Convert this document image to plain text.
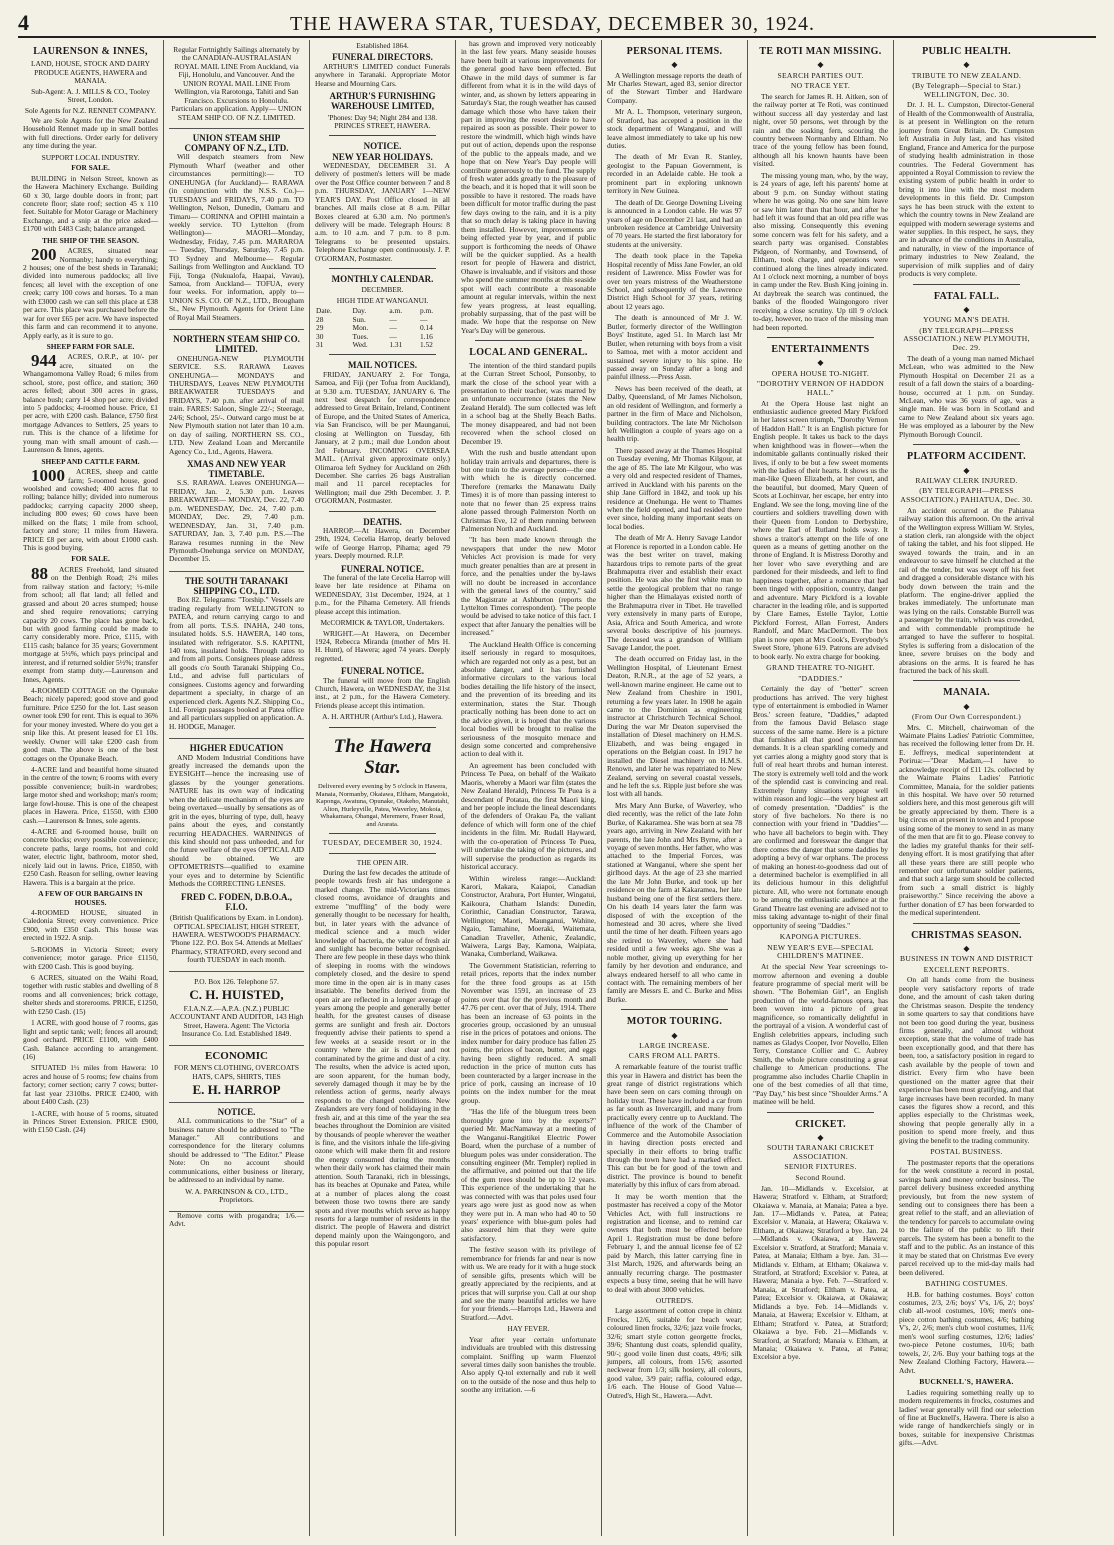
4	THE HAWERA STAR, TUESDAY, DECEMBER 30, 1924.
LAURENSON & INNES,
LAND, HOUSE, STOCK AND DAIRY PRODUCE AGENTS, HAWERA and MANAIA.
Sub-Agent: A. J. MILLS & CO., Tooley Street, London.
Sole Agents for N.Z. RENNET COMPANY.
We are Sole Agents for the New Zealand Household Rennet made up in small bottles with full directions. Order early for delivery any time during the year.
SUPPORT LOCAL INDUSTRY.
FOR SALE.
BUILDING in Nelson Street, known as the Hawera Machinery Exchange. Building 60 x 30, large double doors in front; part concrete floor; slate roof; section 45 x 110 feet. Suitable for Motor Garage or Machinery Exchange, and a snip at the price asked—£1700 with £483 Cash; balance arranged.
THE SHIP OF THE SEASON.
200 ACRES, situated near Normanby; handy to everything; 2 houses; one of the best sheds in Taranaki; divided into numerous paddocks; all live fences; all level with the exception of one creek; carry 100 cows and horses. To a man with £3000 cash we can sell this place at £38 per acre. This place was purchased before the war for over £65 per acre. We have inspected this farm and can recommend it to anyone. Apply early, as it is sure to go.
SHEEP FARM FOR SALE.
944 ACRES, O.R.P., at 10/- per acre, situated on the Whangamomona Valley Road; 6 miles from school, store, post office, and station; 360 acres felled; about 300 acres in grass, balance bush; carry 14 shop per acre; divided into 5 paddocks; 4-roomed house. Price, £1 per acre, with £200 cash. Balance, £750 first mortgage Advances to Settlers, 25 years to run. This is the chance of a lifetime for young man with small amount of cash.—Laurenson & Innes, agents.
SHEEP AND CATTLE FARM.
1000 ACRES, sheep and cattle farm; 5-roomed house, good woolshed and cowshed; 400 acres flat to rolling; balance hilly; divided into numerous paddocks; carrying capacity 2000 sheep, including 800 ewes; 60 cows have been milked on the flats; 1 mile from school, factory and store; 11 miles from Hawera. PRICE £8 per acre, with about £1000 cash. This is good buying.
FOR SALE.
88 ACRES Freehold, land situated on the Denbigh Road; 2¼ miles from railway station and factory; ½-mile from school; all flat land; all felled and grassed and about 20 acres stumped; house and shed require renovations; carrying capacity 20 cows. The place has gone back, but with good farming could be made to carry considerably more. Price, £115, with £115 cash; balance for 35 years; Government mortgage at 5½%, which pays principal and interest, and if returned soldier 5½%; transfer exempt from stamp duty.—Laurenson and Innes, Agents.
4-ROOMED COTTAGE on the Opunake Beach; nicely papered; good stove and good furniture. Price £250 for the lot. Last season owner took £90 for rent. This is equal to 36% for your money invested. Where do you get a snip like this. At present leased for £1 10s. weekly. Owner will take £200 cash from good man. The above is one of the best cottages on the Opunake Beach.
4-ACRE land and beautiful home situated in the centre of the town; 6 rooms with every possible convenience; built-in wardrobes; large motor shed and workshop; man's room; large fowl-house. This is one of the cheapest places in Hawera. Price, £1550, with £300 cash.—Laurenson & Innes, sole agents.
4-ACRE and 6-roomed house, built on concrete blocks; every possible convenience; concrete paths, large rooms, hot and cold water, electric light, bathroom, motor shed, nicely laid out in lawns. Price, £1850, with £250 Cash. Reason for selling, owner leaving Hawera. This is a bargain at the price.
A FEW OF OUR BARGAINS IN HOUSES.
4-ROOMED HOUSE, situated in Caledonia Street; every convenience. Price £900, with £350 Cash. This house was erected in 1922. A snip.
5-ROOMS in Victoria Street; every convenience; motor garage. Price £1150, with £200 Cash. This is good buying.
6 ACRES, situated on the Waihi Road, together with rustic stables and dwelling of 8 rooms and all conveniences; brick cottage, shelter sheds and storerooms. PRICE, £1250, with £250 Cash. (15)
1 ACRE, with good house of 7 rooms, gas light and septic tank; well; fences all around; good orchard. PRICE £1100, with £400 Cash. Balance according to arrangement. (16)
SITUATED 1½ miles from Hawera: 10 acres and house of 5 rooms; few chains from factory; corner section; carry 7 cows; butter-fat last year 2310lbs. PRICE £2400, with about £400 Cash. (23)
1-ACRE, with house of 5 rooms, situated in Princes Street Extension. PRICE £900, with £150 Cash. (24)
Regular Fortnightly Sailings alternately by the CANADIAN-AUSTRALASIAN ROYAL MAIL LINE From Auckland, via Fiji, Honolulu, and Vancouver. And the UNION ROYAL MAIL LINE From Wellington, via Rarotonga, Tahiti and San Francisco. Excursions to Honolulu. Particulars on application. Apply— UNION STEAM SHIP CO. OF N.Z. LIMITED.
UNION STEAM SHIP COMPANY OF N.Z., LTD.
Will despatch steamers from New Plymouth Wharf (weather and other circumstances permitting):— TO ONEHUNGA (for Auckland)— RARAWA (in conjunction with the N.S.S. Co.)— TUESDAYS and FRIDAYS, 7.40 p.m. TO Wellington, Nelson, Dunedin, Oamaru and Timaru— CORINNA and OPIHI maintain a weekly service. TO Lyttelton (from Wellington)— MAORI—Monday, Wednesday, Friday, 7.45 p.m. MARAROA — Tuesday, Thursday, Saturday, 7.45 p.m. TO Sydney and Melbourne— Regular Sailings from Wellington and Auckland. TO Fiji, Tonga (Nukualofa, Haapai, Vavau), Samoa, from Auckland— TOFUA, every four weeks. For information, apply to— UNION S.S. CO. OF N.Z., LTD., Brougham St., New Plymouth. Agents for Orient Line of Royal Mail Steamers.
NORTHERN STEAM SHIP CO. LIMITED.
ONEHUNGA-NEW PLYMOUTH SERVICE. S.S. RARAWA Leaves ONEHUNGA— MONDAYS and THURSDAYS, Leaves NEW PLYMOUTH BREAKWATER TUESDAYS and FRIDAYS, 7.40 p.m. after arrival of mail train. FARES: Saloon, Single 22/-; Steerage, 24/6; School, 25/-. Outward cargo must be at New Plymouth station not later than 10 a.m. on day of sailing. NORTHERN SS. CO., LTD. New Zealand Loan and Mercantile Agency Co., Ltd., Agents, Hawera.
XMAS AND NEW YEAR TIMETABLE.
S.S. RARAWA. Leaves ONEHUNGA— FRIDAY, Jan. 2, 5.30 p.m. Leaves BREAKWATER— MONDAY, Dec. 22, 7.40 p.m. WEDNESDAY, Dec. 24, 7.40 p.m. MONDAY, Dec. 29, 7.40 p.m. WEDNESDAY, Jan. 31, 7.40 p.m. SATURDAY, Jan. 3, 7.40 p.m. P.S.—The Rarawa resumes running in the New Plymouth-Onehunga service on MONDAY, December 15.
THE SOUTH TARANAKI SHIPPING CO., LTD.
Box 82. Telegrams: "Torship." Vessels are trading regularly from WELLINGTON to PATEA, and return carrying cargo to and from all ports. T.S.S. INAHA, 240 tons, insulated holds. S.S. HAWERA, 140 tons, insulated with refrigerator. S.S. KAPITNI, 140 tons, insulated holds. Through rates to and from all ports. Consignees please address all goods c/o South Taranaki Shipping Co., Ltd., and advise full particulars of consignees. Customs agency and forwarding department a specialty, in charge of an experienced clerk. Agents N.Z. Shipping Co., Ltd. Foreign passages booked at Patea office and all particulars supplied on application. A. H. HODGE, Manager.
HIGHER EDUCATION
AND Modern Industrial Conditions have greatly increased the demands upon the EYESIGHT—hence the increasing use of glasses by the younger generations. NATURE has its own way of indicating when the delicate mechanism of the eyes are being overtaxed—usually by sensations as of grit in the eyes, blurring of type, dull, heavy pains about the eyes, and constantly recurring HEADACHES. WARNINGS of this kind should not pass unheeded, and for the future welfare of the eyes OPTICAL AID should be obtained. We are OPTOMETRISTS—qualified to examine your eyes and to determine by Scientific Methods the CORRECTING LENSES.
FRED C. FODEN, D.B.O.A., F.I.O.
(British Qualifications by Exam. in London). OPTICAL SPECIALIST, HIGH STREET, HAWERA. WESTWOOD'S PHARMACY. 'Phone 122. P.O. Box 54. Attends at Mellaes' Pharmacy, STRATFORD, every second and fourth TUESDAY in each month.
P.O. Box 126. Telephone 57.
C. H. HUISTED,
F.I.A.N.Z.—A.P.A. (N.Z.) PUBLIC ACCOUNTANT AND AUDITOR, 143 High Street, Hawera. Agent: The Victoria Insurance Co. Ltd. Established 1849.
ECONOMIC
FOR MEN'S CLOTHING, OVERCOATS HATS, CAPS, SHIRTS, TIES
E. H. HARROP
NOTICE.
ALL communications to the "Star" of a business nature should be addressed to "The Manager." All contributions and correspondence for the literary columns should be addressed to "The Editor." Please Note: On no account should communications, either business or literary, be addressed to an individual by name.
W. A. PARKINSON & CO., LTD., Proprietors.
Remove corns with progandra; 1/6.—Advt.
Established 1864.
FUNERAL DIRECTORS.
ARTHUR'S LIMITED conduct Funerals anywhere in Taranaki. Appropriate Motor Hearse and Mourning Cars.
ARTHUR'S FURNISHING WAREHOUSE LIMITED,
'Phones: Day 94; Night 284 and 138. PRINCES STREET, HAWERA.
NOTICE.
NEW YEAR HOLIDAYS.
WEDNESDAY, DECEMBER 31. A delivery of postmen's letters will be made over the Post Office counter between 7 and 8 p.m. THURSDAY, JANUARY 1—NEW YEAR'S DAY. Post Office closed in all branches. All mails close at 8 a.m. Pillar Boxes cleared at 6.30 a.m. No portmen's delivery will be made. Telegraph Hours: 8 a.m. to 10 a.m. and 7 p.m. to 8 p.m. Telegrams to be presented upstairs. Telephone Exchange open continuously. J. P. O'GORMAN, Postmaster.
MONTHLY CALENDAR.
DECEMBER.
HIGH TIDE AT WANGANUI.
Date.	Day.	a.m.	p.m.
28	Sun.	—	—
29	Mon.	—	0.14
30	Tues.	—	1.16
31	Wed.	1.31	1.52
MAIL NOTICES.
FRIDAY, JANUARY 2. For Tonga, Samoa, and Fiji (per Tofua from Auckland), at 9.30 a.m. TUESDAY, JANUARY 6. The next best despatch for correspondence addressed to Great Britain, Ireland, Continent of Europe, and the United States of America, via San Francisco, will be per Maunganui, closing at Wellington on Tuesday, 6th January, at 2 p.m.; mail due London about 3rd February. INCOMING OVERSEA MAIL. (Arrival given approximate only.) Olimaroa left Sydney for Auckland on 26th December. She carries 26 bags Australian mail and 11 parcel receptacles for Wellington; mail due 29th December. J. P. O'GORMAN, Postmaster.
DEATHS.
HARROP.—At Hawera, on December 29th, 1924, Cecelia Harrop, dearly beloved wife of George Harrop, Pihama; aged 79 years. Deeply mourned. R.I.P.
FUNERAL NOTICE.
The funeral of the late Cecelia Harrop will leave her late residence at Pihama on WEDNESDAY, 31st December, 1924, at 1 p.m., for the Pihama Cemetery. All friends please accept this intimation.
McCORMICK & TAYLOR, Undertakers.
WRIGHT.—At Hawera, on December 1924, Rebecca Miranda (mother of Mrs H. H. Hunt), of Hawera; aged 74 years. Deeply regretted.
FUNERAL NOTICE.
The funeral will move from the English Church, Hawera, on WEDNESDAY, the 31st inst., at 2 p.m., for the Hawera Cemetery. Friends please accept this intimation.
A. H. ARTHUR (Arthur's Ltd.), Hawera.
The Hawera Star.
Delivered every evening by 5 o'clock in Hawera, Manaia, Normanby, Okaiawa, Eltham, Mangatoki, Kaponga, Awatuna, Opunake, Otakeho, Manutahi, Alton, Hurleyville, Patea, Waverley, Mokoia, Whakamara, Ohangai, Meremere, Fraser Road, and Ararata.
TUESDAY, DECEMBER 30, 1924.
THE OPEN AIR.
During the last few decades the attitude of people towards fresh air has undergone a marked change. The mid-Victorians times closed rooms, avoidance of draughts and extreme "muffling" of the body were generally thought to be necessary for health, but, in later years with the advance of medical science and a much wider knowledge of bacteria, the value of fresh air and sunlight has become better recognised. There are few people in these days who think of sleeping in rooms with the windows completely closed, and the desire to spend more time in the open air is in many cases insatiable. The benefits derived from the open air are reflected in a longer average of years among the people and generally better health, for the greatest causes of disease germs are sunlight and fresh air. Doctors frequently advise their patients to spend a few weeks at a seaside resort or in the country where the air is clear and not contaminated by the grime and dust of a city. The results, when the advice is acted upon, are soon apparent, for the human body, severely damaged though it may be by the relentless action of germs, nearly always responds to the changed conditions. New Zealanders are very fond of holidaying in the fresh air, and at this time of the year the sea beaches throughout the Dominion are visited by thousands of people wherever the weather is fine, and the visitors inhale the life-giving ozone which will make them fit and restore the energy consumed during the months when their daily work has claimed their main attention. South Taranaki, rich in blessings, has its beaches at Opunake and Patea, while at a number of places along the coast between those two towns there are sandy spots and river mouths which serve as happy resorts for a large number of residents in the district. The people of Hawera and district depend mainly upon the Waingongoro, and this popular resort
has grown and improved very noticeably in the last few years. Many seaside houses have been built at various improvements for the general good have been effected. But Ohawe in the mild days of summer is far different from what it is in the wild days of winter, and, as shown by letters appearing in Saturday's Star, the rough weather has caused damage which those who have taken their part in improving the resort desire to have repaired as soon as possible. Their power to restore the windmill, which high winds have put out of action, depends upon the response of the public to the appeals made, and we hope that on New Year's Day people will contribute generously to the fund. The supply of fresh water adds greatly to the pleasure of the beach, and it is hoped that it will soon be possible to have it restored. The roads have been difficult for motor traffic during the past few days owing to the rain, and it is a pity that so much delay is taking place in having them installed. However, improvements are being effected year by year, and if public support is forthcoming the needs of Ohawe will be the quicker supplied. As a health resort for people of Hawera and district, Ohawe is invaluable, and if visitors and those who spend the summer months at this seaside spot will each contribute a reasonable amount at regular intervals, within the next few years progress, at least equalling, probably surpassing, that of the past will be made. We hope that the response on New Year's Day will be generous.
LOCAL AND GENERAL.
The intention of the third standard pupils at the Curran Street School, Ponsonby, to mark the close of the school year with a presentation to their teacher, was marred by an unfortunate occurrence (states the New Zealand Herald). The sum collected was left in a school bag at the Shelly Beach Baths. The money disappeared, and had not been recovered when the school closed on December 19.
With the rush and bustle attendant upon holiday train arrivals and departures, there is but one train to the average person—the one with which he is directly concerned. Therefore (remarks the Manawatu Daily Times) it is of more than passing interest to note that no fewer than 25 express trains alone passed through Palmerston North on Christmas Eve, 12 of them running between Palmerston North and Auckland.
"It has been made known through the newspapers that under the new Motor Vehicles Act provision is made for very much greater penalties than are at present in force, and the penalties under the by-laws will no doubt be increased in accordance with the general laws of the country," said the Magistrate at Ashburton (reports the Lyttelton Times correspondent). "The people would be advised to take notice of this fact. I expect that after January the penalties will be increased."
The Auckland Health Office is concerning itself seriously in regard to mosquitoes, which are regarded not only as a pest, but an absolute danger, and it has furnished informative circulars to the various local bodies detailing the life history of the insect, and the prevention of its breeding and its extermination, states the Star. Though practically nothing has been done to act on the advice given, it is hoped that the various local bodies will be brought to realise the seriousness of the mosquito menace and design some concerted and comprehensive action to deal with it.
An agreement has been concluded with Princess Te Puea, on behalf of the Waikato Maoris, whereby a Maori war film (states the New Zealand Herald), Princess Te Puea is a descendant of Potatau, the first Maori king, and her people include the lineal descendants of the defenders of Orakau Pa, the valiant defence of which will form one of the chief incidents in the film. Mr. Rudall Hayward, with the co-operation of Princess Te Puea, will undertake the taking of the pictures, and will supervise the production as regards its historical accuracy.
Within wireless range:—Auckland: Karori, Makara, Kaiapoi, Canadian Constructor, Arahura, Port Hunter, Wingatui, Kaikoura, Chatham Islands: Dunedin, Corinthic, Canadian Constructor, Tarawa, Wellington; Maori, Maunganui, Wahine, Ngaio, Tamahine, Moeraki, Waitemata, Canadian Traveller, Athenic, Zealandic, Waiwera, Largs Bay, Kamona, Waipiata, Wanaka, Cumberland, Waikawa.
The Government Statistician, referring to retail prices, reports that the index number for the three food groups as at 15th November was 1591, an increase of 23 points over that for the previous month and 47.76 per cent. over that of July, 1914. There has been an increase of 63 points in the groceries group, occasioned by an unusual rise in the prices of potatoes and onions. The index number for dairy produce has fallen 25 points, the prices of bacon, butter, and eggs having been slightly reduced. A small reduction in the price of mutton cuts has been counteracted by a larger increase in the price of pork, causing an increase of 10 points on the index number for the meat group.
"Has the life of the bluegum trees been thoroughly gone into by the experts?" queried Mr. MacNamaway at a meeting of the Wanganui-Rangitikei Electric Power Board, when the purchase of a number of bluegum poles was under consideration. The consulting engineer (Mr. Templer) replied in the affirmative, and pointed out that the life of the gum trees should be up to 12 years. This experience of the undertaking that he was connected with was that poles used four years ago were just as good now as when they were put in. A man who had 40 to 50 years' experience with blue-gum poles had also assured him that they were quite satisfactory.
The festive season with its privilege of remembrance for friends far and near is now with us. We are ready for it with a huge stock of sensible gifts, presents which will be greatly appreciated by the recipients, and at prices that will surprise you. Call at our shop and see the many beautiful articles we have for your friends.—Harrops Ltd., Hawera and Stratford.—Advt.
HAY FEVER.
Year after year certain unfortunate individuals are troubled with this distressing complaint. Sniffing up warm Fluenzol several times daily soon banishes the trouble. Also apply Q-tol externally and rub it well on to the outside of the nose and thus help to soothe any irritation. —6
PERSONAL ITEMS.
◆
A Wellington message reports the death of Mr Charles Stewart, aged 83, senior director of the Stewart Timber and Hardware Company.
Mr A. L. Thompson, veterinary surgeon, of Stratford, has accepted a position in the stock department of Wanganui, and will leave almost immediately to take up his new duties.
The death of Mr Evan R. Stanley, geologist to the Papuan Government, is recorded in an Adelaide cable. He took a prominent part in exploring unknown territory in New Guinea.
The death of Dr. George Downing Liveing is announced in a London cable. He was 97 years of age on December 21 last, and had an unbroken residence at Cambridge University of 70 years. He started the first laboratory for students at the university.
The death took place in the Tapeka Hospital recently of Miss Jane Fowler, an old resident of Lawrence. Miss Fowler was for over ten years mistress of the Weatherstone School, and subsequently of the Lawrence District High School for 37 years, retiring about 12 years ago.
The death is announced of Mr J. W. Butler, formerly director of the Wellington Boys' Institute, aged 51. In March last Mr Butler, when returning with boys from a visit to Samoa, met with a motor accident and sustained severe injury to his spine. He passed away on Sunday after a long and painful illness.—Press Assn.
News has been received of the death, at Dalby, Queensland, of Mr James Nicholson, an old resident of Wellington, and formerly a partner in the firm of Mace and Nicholson, building contractors. The late Mr Nicholson left Wellington a couple of years ago on a health trip.
There passed away at the Thames Hospital on Tuesday evening, Mr Thomas Kilgour, at the age of 85. The late Mr Kilgour, who was a very old and respected resident of Thames, arrived in Auckland with his parents on the ship Jane Gifford in 1842, and took up his residence at Onehunga. He went to Thames when the field opened, and had resided there ever since, holding many important seats on local bodies.
The death of Mr A. Henry Savage Landor at Florence is reported in a London cable. He was the best writer on travel, making hazardous trips to remote parts of the great Brahmaputra river and establish their exact position. He was also the first white man to settle the geological problem that no range higher than the Himalayas existed north of the Brahmaputra river in Tibet. He travelled very extensively in many parts of Europe, Asia, Africa and South America, and wrote several books descriptive of his journeys. The deceased was a grandson of William Savage Landor, the poet.
The death occurred on Friday last, in the Wellington Hospital, of Lieutenant Ernest Deaton, R.N.R., at the age of 52 years, a well-known marine engineer. He came out to New Zealand from Cheshire in 1901, returning a few years later. In 1908 he again came to the Dominion as engineering instructor at Christchurch Technical School. During the war Mr Deaton supervised the installation of Diesel machinery on H.M.S. Elizabeth, and was being engaged in operations on the Belgian coast. In 1917 he installed the Diesel machinery on H.M.S. Renown, and later he was repatriated to New Zealand, serving on several coastal vessels, and he left the s.s. Ripple just before she was lost with all hands.
Mrs Mary Ann Burke, of Waverley, who died recently, was the relict of the late John Burke, of Kakaramea. She was born at sea 78 years ago, arriving in New Zealand with her parents, the late John and Mrs Byrne, after a voyage of seven months. Her father, who was attached to the Imperial Forces, was stationed at Wanganui, where she spent her girlhood days. At the age of 23 she married the late Mr John Burke, and took up her residence on the farm at Kakaramea, her late husband being one of the first settlers there. On his death 14 years later the farm was disposed of with the exception of the homestead and 30 acres, where she lived until the time of her death. Fifteen years ago she retired to Waverley, where she had resided until a few weeks ago. She was a noble mother, giving up everything for her family by her devotion and endurance, and always endeared herself to all who came in contact with. The remaining members of her family are Messrs E. and C. Burke and Miss Burke.
MOTOR TOURING.
◆
LARGE INCREASE.
CARS FROM ALL PARTS.
A remarkable feature of the tourist traffic this year in Hawera and district has been the great range of district registrations which have been seen on cars coming through on holiday treat. These have included a car from as far south as Invercargill, and many from practically every centre up to Auckland. The influence of the work of the Chamber of Commerce and the Automobile Association in having direction posts erected and specially in their efforts to bring traffic through the town have had a marked effect. This can but be for good of the town and district. The province is bound to benefit materially by this influx of cars from abroad.
It may be worth mention that the postmaster has received a copy of the Motor Vehicles Act, with full instructions re registration and license, and to remind car owners that both must be effected before April 1. Registration must be done before February 1, and the annual license fee of £2 paid by March, this latter carrying fine in 31st March, 1926, and afterwards being an annually recurring charge. The postmaster expects a busy time, seeing that he will have to deal with about 3000 vehicles.
OUTRED'S.
Large assortment of cotton crepe in chintz Frocks, 12/6, suitable for beach wear; coloured linen frocks, 32/6; jazz voile frocks, 32/6; smart style cotton georgette frocks, 39/6; Shantung dust coats, splendid quality, 90/-; good voile linen dust coats, 49/6; silk jumpers, all colours, from 15/6; assorted neckwear from 1/3; silk hosiery, all colours, good value, 3/9 pair; raffia, coloured edge, 1/6 each. The House of Good Value—Outred's, High St., Hawera.—Advt.
TE ROTI MAN MISSING.
◆
SEARCH PARTIES OUT.
NO TRACE YET.
The search for James R. H. Aitken, son of the railway porter at Te Roti, was continued without success all day yesterday and last night, over 50 persons, wet through by the rain and the soaking fern, scouring the country between Normanby and Eltham. No trace of the young fellow has been found, although all his known haunts have been visited.
The missing young man, who, by the way, is 24 years of age, left his parents' home at about 9 p.m. on Sunday without stating where he was going. No one saw him leave or saw him later than that hour, and after he had left it was found that an old pea rifle was also missing. Consequently this evening some concern was felt for his safety, and a search party was organised. Constables Pidgeon, of Normanby, and Townsend, of Eltham, took charge, and operations were continued along the lines already indicated. At 1 o'clock next morning, a number of boys in camp under the Rev. Bush King joining in. At daybreak the search was continued, the banks of the flooded Waingongoro river receiving a close scrutiny. Up till 9 o'clock to-day, however, no trace of the missing man had been reported.
ENTERTAINMENTS
◆
OPERA HOUSE TO-NIGHT.
"DOROTHY VERNON OF HADDON HALL."
At the Opera House last night an enthusiastic audience greeted Mary Pickford in her latest screen triumph, "Dorothy Vernon of Haddon Hall." It is an English picture for English people. It takes us back to the days when knighthood was in flower—when the indomitable gallants continually risked their lives, if only to be but a few sweet moments with the ladies of their hearts. It shows us the man-like Queen Elizabeth, at her court, and the beautiful, but doomed, Mary Queen of Scots at Lochinvar, her escape, her entry into England. We see the long, moving line of the courtiers and soldiers travelling down with their Queen from London to Derbyshire, where the Earl of Rutland holds sway. It shows a traitor's attempt on the life of one queen as a means of getting another on the throne of England. It is Mistress Dorothy and her lover who save everything and are pardoned for their misdeeds, and left to find happiness together, after a romance that had been tinged with opposition, country, danger and adventure. Mary Pickford is a lovable character in the leading rôle, and is supported by Clare Eames, Estelle Taylor, Lottie Pickford Forrest, Allan Forrest, Anders Randolf, and Marc MacDermott. The box plan is now open at Mrs Cook's, Everybody's Sweet Store, 'phone 619. Patrons are advised to book early. No extra charge for booking.
GRAND THEATRE TO-NIGHT.
"DADDIES."
Certainly the day of "better" screen productions has arrived. The very highest type of entertainment is embodied in Warner Bros.' screen feature, "Daddies," adapted from the famous David Belasco stage success of the same name. Here is a picture that furnishes all that good entertainment demands. It is a clean sparkling comedy and yet carries along a mighty good story that is full of real heart throbs and human interest. The story is extremely well told and the work of the splendid cast is convincing and real. Extremely funny situations appear well within reason and logic—the very highest art of comedy presentation. "Daddies" is the story of five bachelors. No there is no connection with your friend in "Daddies"—who have all bachelors to begin with. They are confirmed and foreswear the danger that there comes the danger that some daddies by adopting a bevy of war orphans. The process of making an honest-to-goodness dad out of a determined bachelor is exemplified in all its delicious humour in this delightful picture. All, who were not fortunate enough to be among the enthusiastic audience at the Grand Theatre last evening are advised not to miss taking advantage to-night of their final opportunity of seeing "Daddies."
KAPONGA PICTURES.
NEW YEAR'S EVE—SPECIAL CHILDREN'S MATINEE.
At the special New Year screenings to-morrow afternoon and evening a double feature programme of special merit will be shown. "The Bohemian Girl", an English production of the world-famous opera, has been woven into a picture of great magnificence, so romantically delightful in the portrayal of a vision. A wonderful cast of English celebrities appears, including such names as Gladys Cooper, Ivor Novello, Ellen Terry, Constance Collier and C. Aubrey Smith, the whole picture constituting a great challenge to American productions. The programme also includes Charlie Chaplin in one of the best comedies of all that time, "Pay Day," his best since "Shoulder Arms." A matinee will be held.
CRICKET.
◆
SOUTH TARANAKI CRICKET ASSOCIATION.
SENIOR FIXTURES.
Second Round.
Jan. 10—Midlands v. Excelsior, at Hawera; Stratford v. Eltham, at Stratford; Okaiawa v. Manaia, at Manaia; Patea a bye. Jan. 17—Midlands v. Patea, at Patea; Excelsior v. Manaia, at Hawera; Okaiawa v. Eltham, at Okaiawa; Stratford a bye. Jan. 24—Midlands v. Okaiawa, at Hawera; Excelsior v. Stratford, at Stratford; Manaia v. Patea, at Manaia; Eltham a bye. Jan. 31—Midlands v. Eltham, at Eltham; Okaiawa v. Stratford, at Stratford; Excelsior v. Patea, at Hawera; Manaia a bye. Feb. 7—Stratford v. Manaia, at Stratford; Eltham v. Patea, at Patea; Excelsior v. Okaiawa, at Okaiawa; Midlands a bye. Feb. 14—Midlands v. Manaia, at Hawera; Excelsior v. Eltham, at Eltham; Stratford v. Patea, at Stratford; Okaiawa a bye. Feb. 21—Midlands v. Stratford, at Stratford; Manaia v. Eltham, at Manaia; Okaiawa v. Patea, at Patea; Excelsior a bye.
PUBLIC HEALTH.
◆
TRIBUTE TO NEW ZEALAND.
(By Telegraph—Special to Star.) WELLINGTON, Dec. 30.
Dr. J. H. L. Cumpston, Director-General of Health of the Commonwealth of Australia, is at present in Wellington on the return journey from Great Britain. Dr. Cumpston left Australia in July last, and has visited England, France and America for the purpose of studying health administration in those countries. The Federal Government has appointed a Royal Commission to review the existing system of public health in order to bring it into line with the most modern developments in this field. Dr. Cumpston says he has been struck with the extent to which the country towns in New Zealand are equipped with modern sewerage systems and water supplies. In this respect, he says, they are in advance of the conditions in Australia, and naturally, in view of the importance of primary industries to New Zealand, the supervision of milk supplies and of dairy products is very complete.
FATAL FALL.
◆
YOUNG MAN'S DEATH.
(BY TELEGRAPH—PRESS ASSOCIATION.) NEW PLYMOUTH, Dec. 29.
The death of a young man named Michael McLean, who was admitted to the New Plymouth Hospital on December 21 as a result of a fall down the stairs of a boarding-house, occurred at 1 p.m. on Sunday. McLean, who was 36 years of age, was a single man. He was born in Scotland and came to New Zealand about six years ago. He was employed as a labourer by the New Plymouth Borough Council.
PLATFORM ACCIDENT.
◆
RAILWAY CLERK INJURED.
(BY TELEGRAPH—PRESS ASSOCIATION.) PAHIATUA, Dec. 30.
An accident occurred at the Pahiatua railway station this afternoon. On the arrival of the Wellington express William W. Styles, a station clerk, ran alongside with the object of taking the tablet, and his foot slipped. He swayed towards the train, and in an endeavour to save himself he clutched at the rail of the tender, but was swept off his feet and dragged a considerable distance with his body down between the train and the platform. The engine-driver applied the brakes immediately. The unfortunate man was lying on the rails. Constable Burrell was a passenger by the train, which was crowded, and with commendable promptitude he arranged to have the sufferer to hospital. Styles is suffering from a dislocation of the knee, severe bruises on the body and abrasions on the arms. It is feared he has fractured the back of his skull.
MANAIA.
◆
(From Our Own Correspondent.)
Mrs. C. Mitchell, chairwoman of the Waimate Plains Ladies' Patriotic Committee, has received the following letter from Dr. H. E. Jeffreys, medical superintendent at Porirua:—"Dear Madam,—I have to acknowledge receipt of £11 12s. collected by the Waimate Plains Ladies' Patriotic Committee, Manaia, for the soldier patients in this hospital. We have over 50 returned soldiers here, and this most generous gift will be greatly appreciated by them. There is a big circus on at present in town and I propose using some of the money to send in as many of the men that are fit to go. Please convey to the ladies my grateful thanks for their self-denying effort. It is most gratifying that after all these years there are still people who remember our unfortunate soldier patients, and that such a large sum should be collected from such a small district is highly praiseworthy." Since receiving the above a further donation of £7 has been forwarded to the medical superintendent.
CHRISTMAS SEASON.
◆
BUSINESS IN TOWN AND DISTRICT
EXCELLENT REPORTS.
On all hands come from the business people very satisfactory reports of trade done, and the amount of cash taken during the Christmas season. Despite the tendency in some quarters to say that conditions have not been too good during the year, business firms generally, and almost without exception, state that the volume of trade has been exceptionally good, and that there has been, too, a satisfactory position in regard to cash available by the people of town and district. Every firm who have been questioned on the matter agree that their experience has been most gratifying, and that large increases have been recorded. In many cases the figures show a record, and this applies especially to the Christmas week, showing that people generally ally in a position to spend more freely, and thus giving the benefit to the trading community.
POSTAL BUSINESS.
The postmaster reports that the operations for the week constitute a record in postal, savings bank and money order business. The parcel delivery business exceeded anything previously, but from the new system of sending out to consignees there has been a great relief to the staff, and an alleviation of the tendency for parcels to accumulate owing to the failure of the public to lift their parcels. The system has been a benefit to the staff and to the public. As an instance of this it may be stated that on Christmas Eve every parcel received up to the mid-day mails had been delivered.
BATHING COSTUMES.
H.B. for bathing costumes. Boys' cotton costumes, 2/3, 2/6; boys' V's, 1/6, 2/; boys' club all-wool costumes, 10/6; men's one-piece cotton bathing costumes, 4/6; bathing V's, 2/, 2/6; men's club wool costumes, 11/6; men's wool surfing costumes, 12/6; ladies' two-piece Petone costumes, 10/6; bath towels, 2/, 2/6. Buy your bathing togs at the New Zealand Clothing Factory, Hawera.—Advt.
BUCKNELL'S, HAWERA.
Ladies requiring something really up to modern requirements in frocks, costumes and ladies' wear generally will find our selection of fine at Bucknell's, Hawera. There is also a wide range of handkerchiefs singly or in boxes, suitable for inexpensive Christmas gifts.—Advt.
